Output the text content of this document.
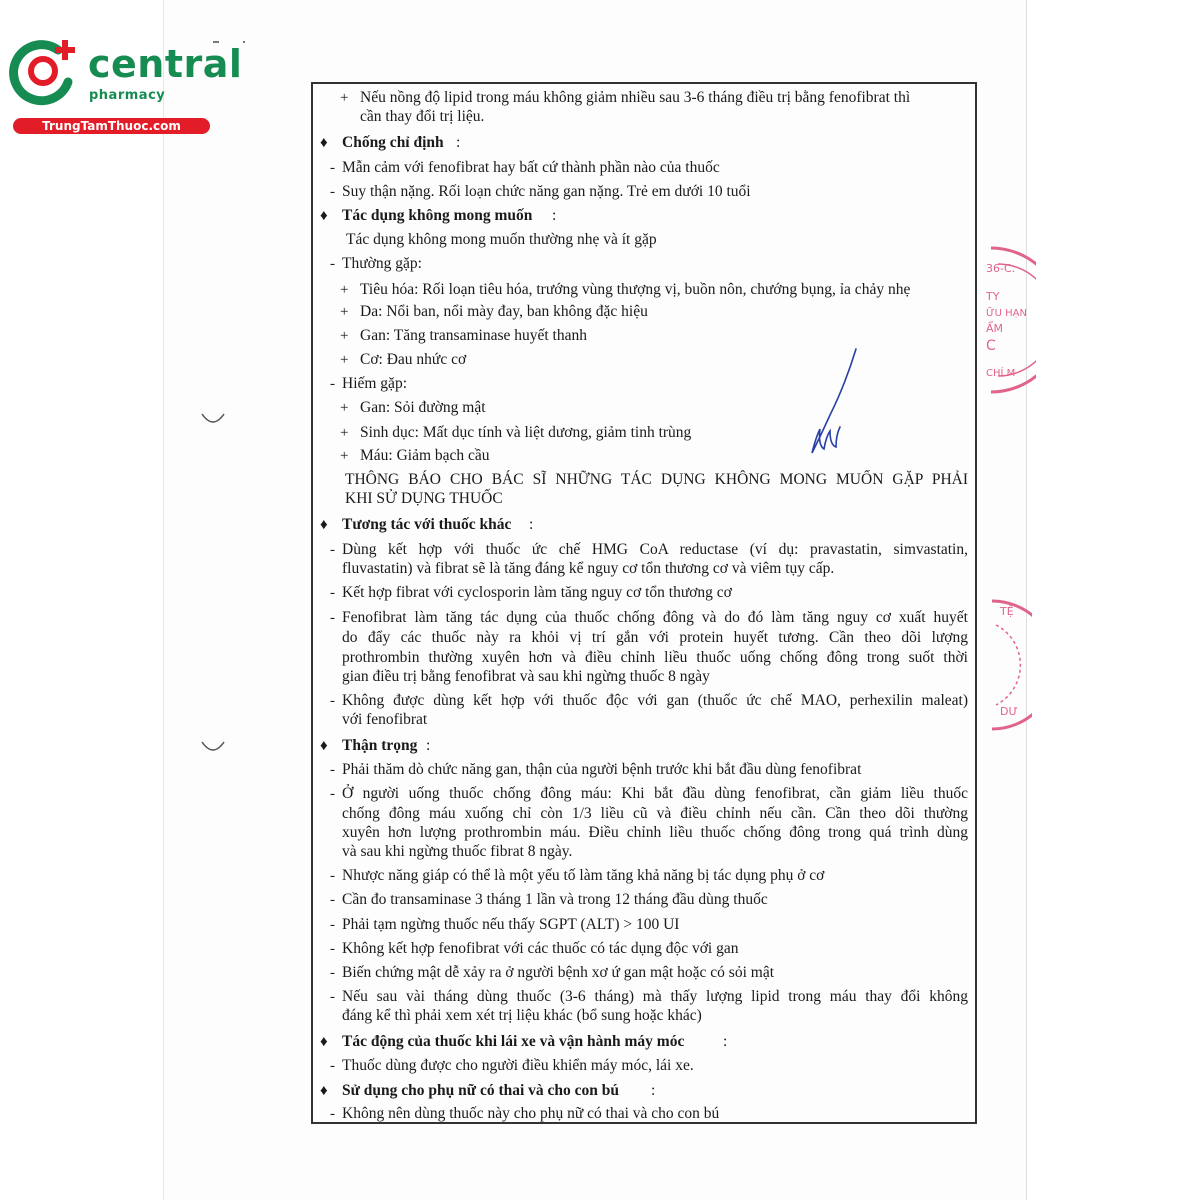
central
pharmacy
TrungTamThuoc.com
36-C.
TY
ỮU HẠN
ẨM
C
CHÍ M
TỆ
DƯ
+ Nếu nồng độ lipid trong máu không giảm nhiều sau 3-6 tháng điều trị bằng fenofibrat thì
cần thay đổi trị liệu.
♦ Chống chỉ định :
- Mẫn cảm với fenofibrat hay bất cứ thành phần nào của thuốc
- Suy thận nặng. Rối loạn chức năng gan nặng. Trẻ em dưới 10 tuổi
♦ Tác dụng không mong muốn :
Tác dụng không mong muốn thường nhẹ và ít gặp
- Thường gặp:
+ Tiêu hóa: Rối loạn tiêu hóa, trướng vùng thượng vị, buồn nôn, chướng bụng, ỉa chảy nhẹ
+ Da: Nổi ban, nổi mày đay, ban không đặc hiệu
+ Gan: Tăng transaminase huyết thanh
+ Cơ: Đau nhức cơ
- Hiếm gặp:
+ Gan: Sỏi đường mật
+ Sinh dục: Mất dục tính và liệt dương, giảm tinh trùng
+ Máu: Giảm bạch cầu
THÔNG BÁO CHO BÁC SĨ NHỮNG TÁC DỤNG KHÔNG MONG MUỐN GẶP PHẢI
KHI SỬ DỤNG THUỐC
♦ Tương tác với thuốc khác :
- Dùng kết hợp với thuốc ức chế HMG CoA reductase (ví dụ: pravastatin, simvastatin,
fluvastatin) và fibrat sẽ là tăng đáng kể nguy cơ tổn thương cơ và viêm tụy cấp.
- Kết hợp fibrat với cyclosporin làm tăng nguy cơ tổn thương cơ
- Fenofibrat làm tăng tác dụng của thuốc chống đông và do đó làm tăng nguy cơ xuất huyết
do đẩy các thuốc này ra khỏi vị trí gắn với protein huyết tương. Cần theo dõi lượng
prothrombin thường xuyên hơn và điều chỉnh liều thuốc uống chống đông trong suốt thời
gian điều trị bằng fenofibrat và sau khi ngừng thuốc 8 ngày
- Không được dùng kết hợp với thuốc độc với gan (thuốc ức chế MAO, perhexilin maleat)
với fenofibrat
♦ Thận trọng :
- Phải thăm dò chức năng gan, thận của người bệnh trước khi bắt đầu dùng fenofibrat
- Ở người uống thuốc chống đông máu: Khi bắt đầu dùng fenofibrat, cần giảm liều thuốc
chống đông máu xuống chỉ còn 1/3 liều cũ và điều chỉnh nếu cần. Cần theo dõi thường
xuyên hơn lượng prothrombin máu. Điều chỉnh liều thuốc chống đông trong quá trình dùng
và sau khi ngừng thuốc fibrat 8 ngày.
- Nhược năng giáp có thể là một yếu tố làm tăng khả năng bị tác dụng phụ ở cơ
- Cần đo transaminase 3 tháng 1 lần và trong 12 tháng đầu dùng thuốc
- Phải tạm ngừng thuốc nếu thấy SGPT (ALT) > 100 UI
- Không kết hợp fenofibrat với các thuốc có tác dụng độc với gan
- Biến chứng mật dễ xảy ra ở người bệnh xơ ứ gan mật hoặc có sỏi mật
- Nếu sau vài tháng dùng thuốc (3-6 tháng) mà thấy lượng lipid trong máu thay đổi không
đáng kể thì phải xem xét trị liệu khác (bổ sung hoặc khác)
♦ Tác động của thuốc khi lái xe và vận hành máy móc :
- Thuốc dùng được cho người điều khiển máy móc, lái xe.
♦ Sử dụng cho phụ nữ có thai và cho con bú :
- Không nên dùng thuốc này cho phụ nữ có thai và cho con bú
